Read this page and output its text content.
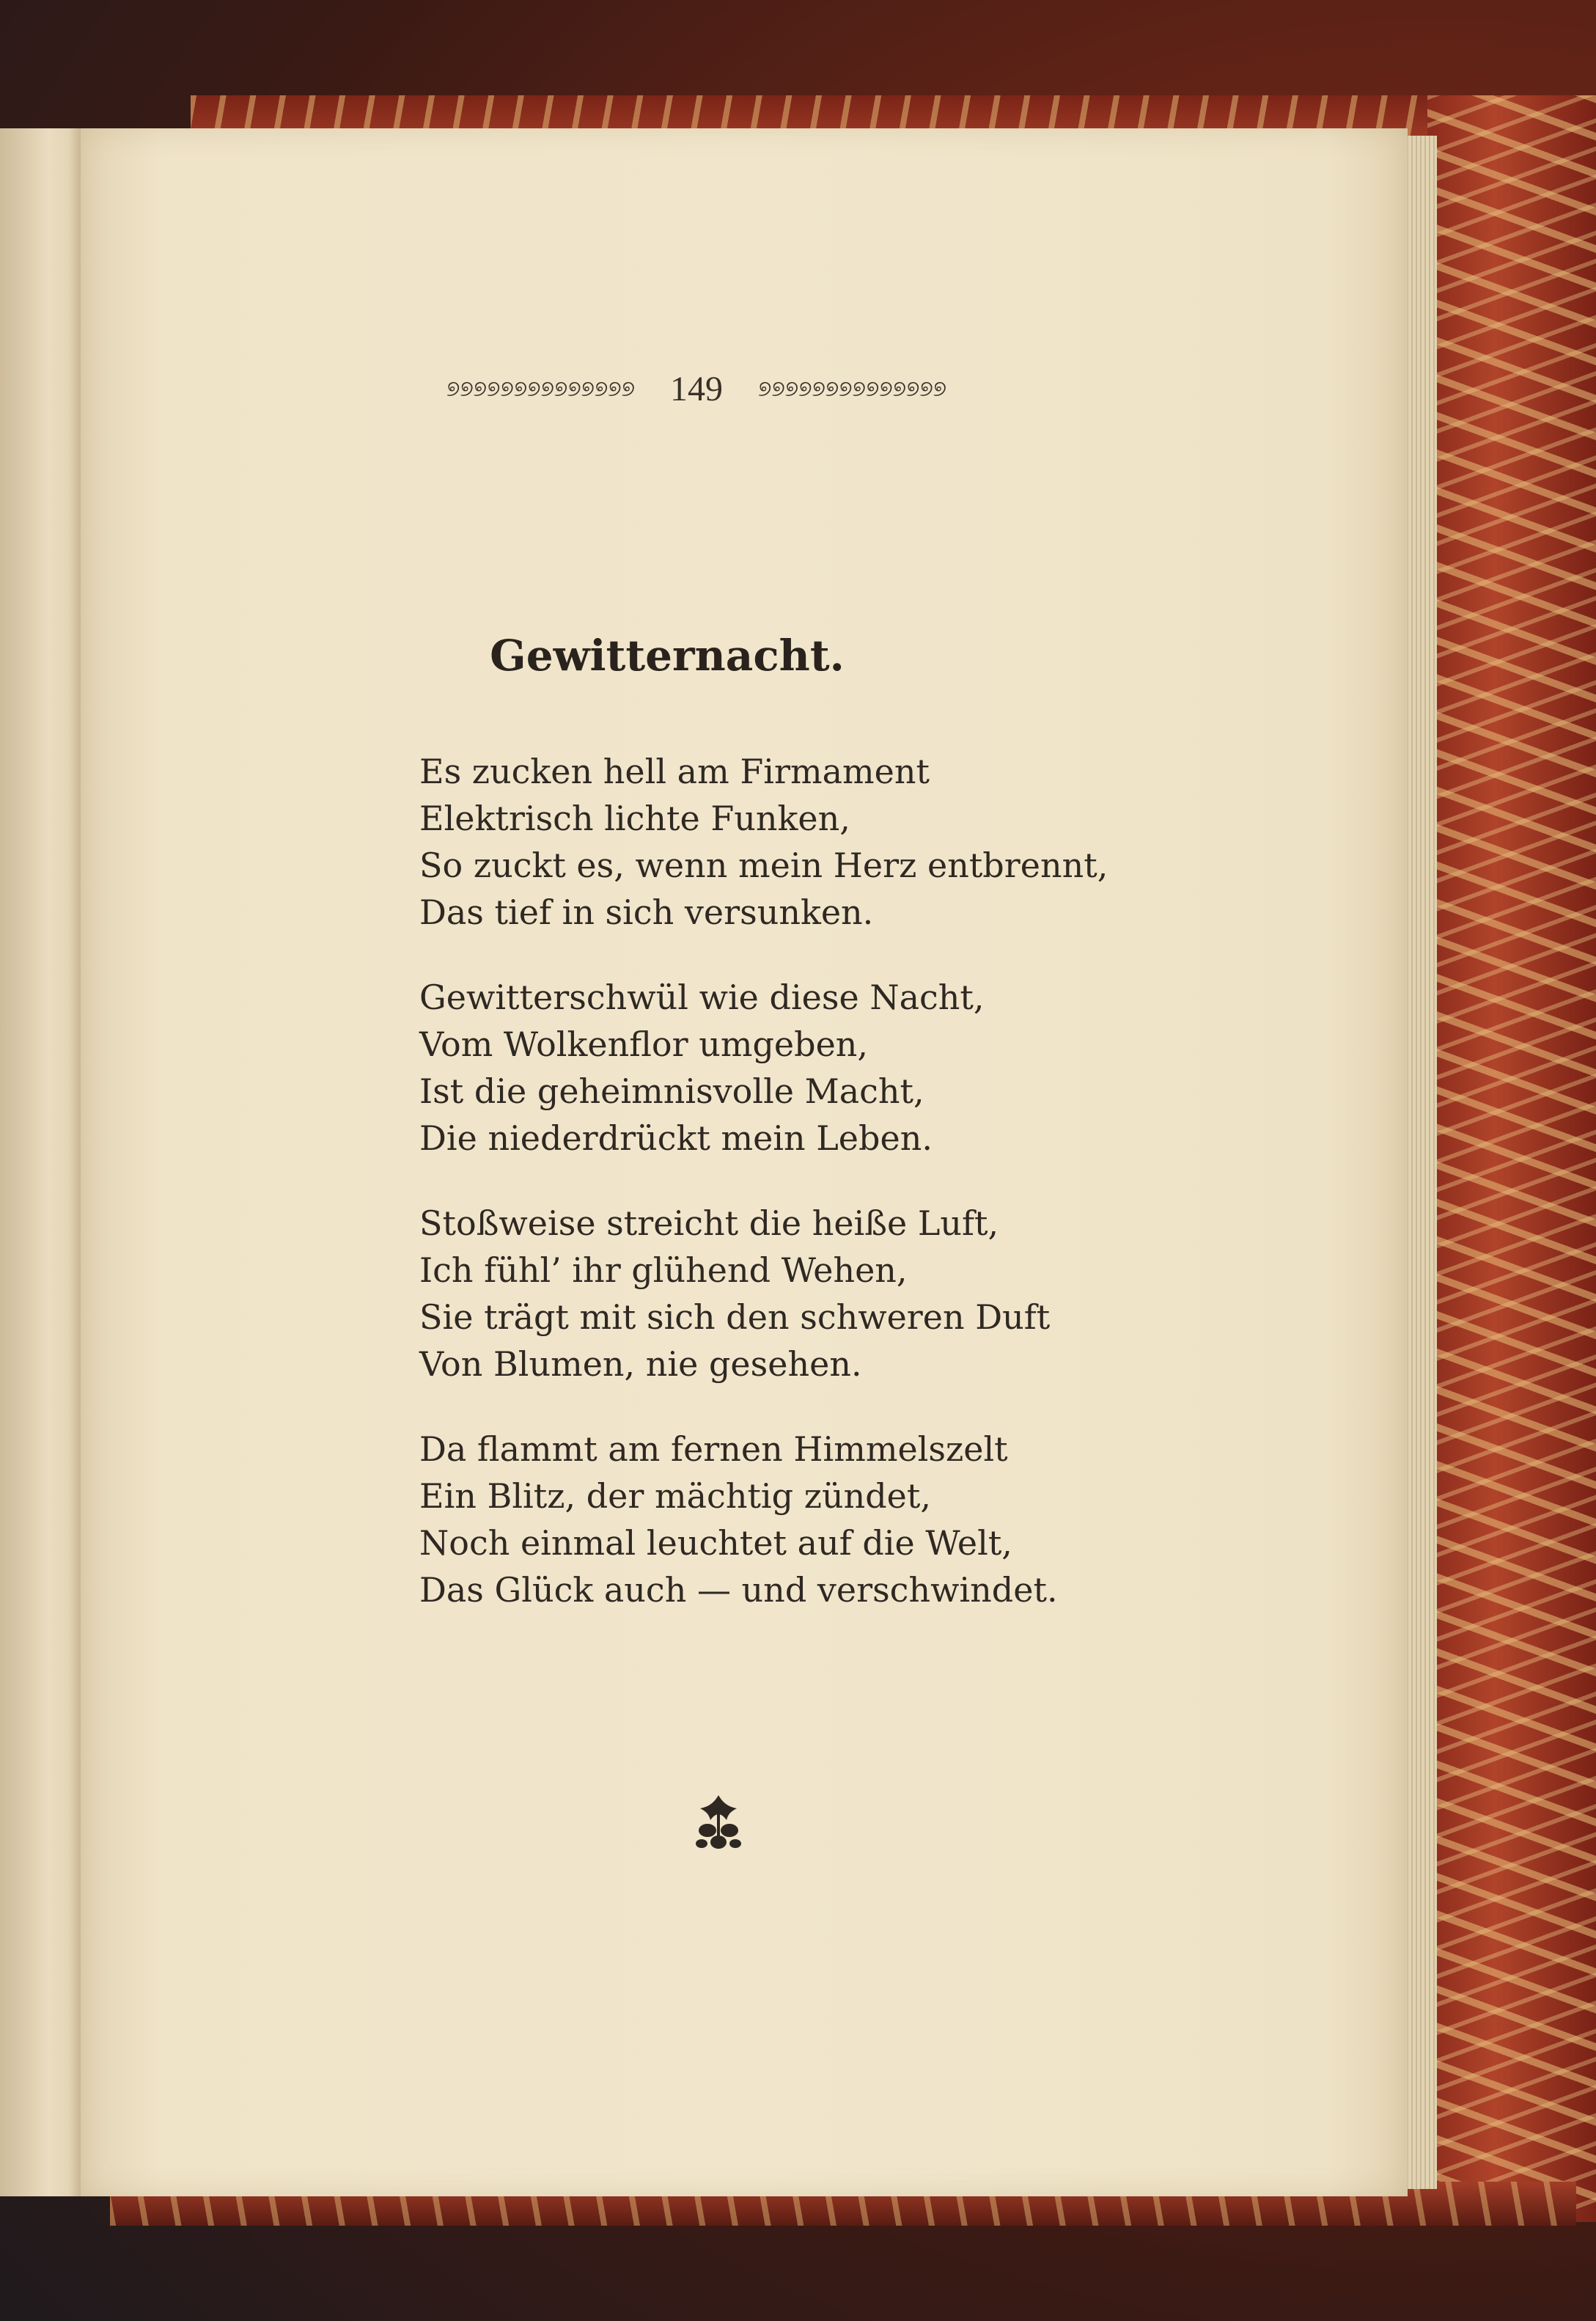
୭୭୭୭୭୭୭୭୭୭୭୭୭୭ 149 ୭୭୭୭୭୭୭୭୭୭୭୭୭୭
Gewitternacht.
Es zucken hell am Firmament
Elektrisch lichte Funken,
So zuckt es, wenn mein Herz entbrennt,
Das tief in sich versunken.
Gewitterschwül wie diese Nacht,
Vom Wolkenflor umgeben,
Ist die geheimnisvolle Macht,
Die niederdrückt mein Leben.
Stoßweise streicht die heiße Luft,
Ich fühl’ ihr glühend Wehen,
Sie trägt mit sich den schweren Duft
Von Blumen, nie gesehen.
Da flammt am fernen Himmelszelt
Ein Blitz, der mächtig zündet,
Noch einmal leuchtet auf die Welt,
Das Glück auch — und verschwindet.
